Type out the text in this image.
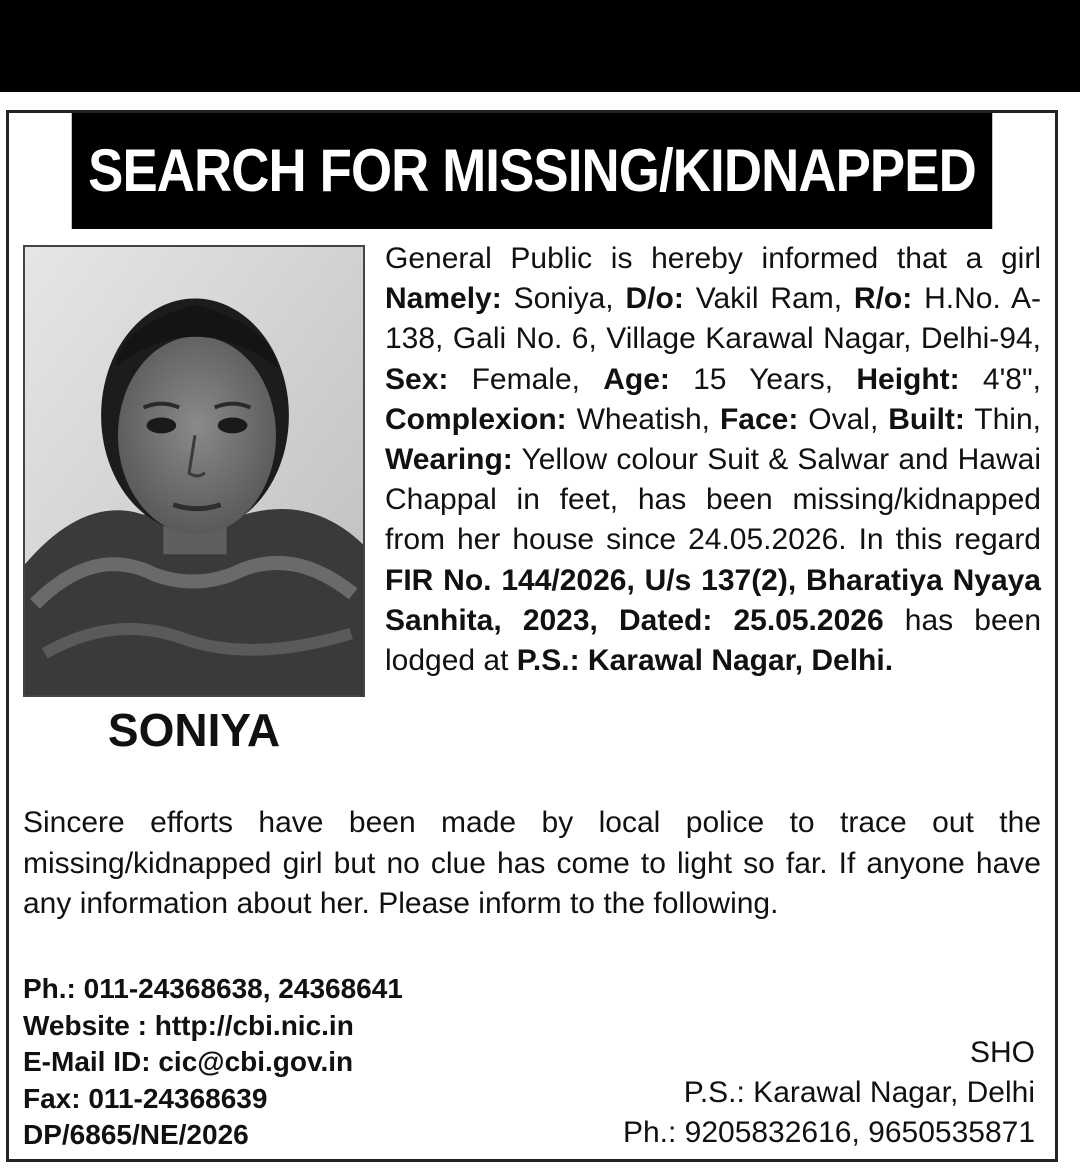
SEARCH FOR MISSING/KIDNAPPED
SONIYA
General Public is hereby informed that a girl Namely: Soniya, D/o: Vakil Ram, R/o: H.No. A-138, Gali No. 6, Village Karawal Nagar, Delhi-94, Sex: Female, Age: 15 Years, Height: 4'8", Complexion: Wheatish, Face: Oval, Built: Thin, Wearing: Yellow colour Suit & Salwar and Hawai Chappal in feet, has been missing/kidnapped from her house since 24.05.2026. In this regard FIR No. 144/2026, U/s 137(2), Bharatiya Nyaya Sanhita, 2023, Dated: 25.05.2026 has been lodged at P.S.: Karawal Nagar, Delhi.
Sincere efforts have been made by local police to trace out the missing/kidnapped girl but no clue has come to light so far. If anyone have any information about her. Please inform to the following.
Ph.: 011-24368638, 24368641
Website : http://cbi.nic.in
E-Mail ID: cic@cbi.gov.in
Fax: 011-24368639
DP/6865/NE/2026
SHO
P.S.: Karawal Nagar, Delhi
Ph.: 9205832616, 9650535871
